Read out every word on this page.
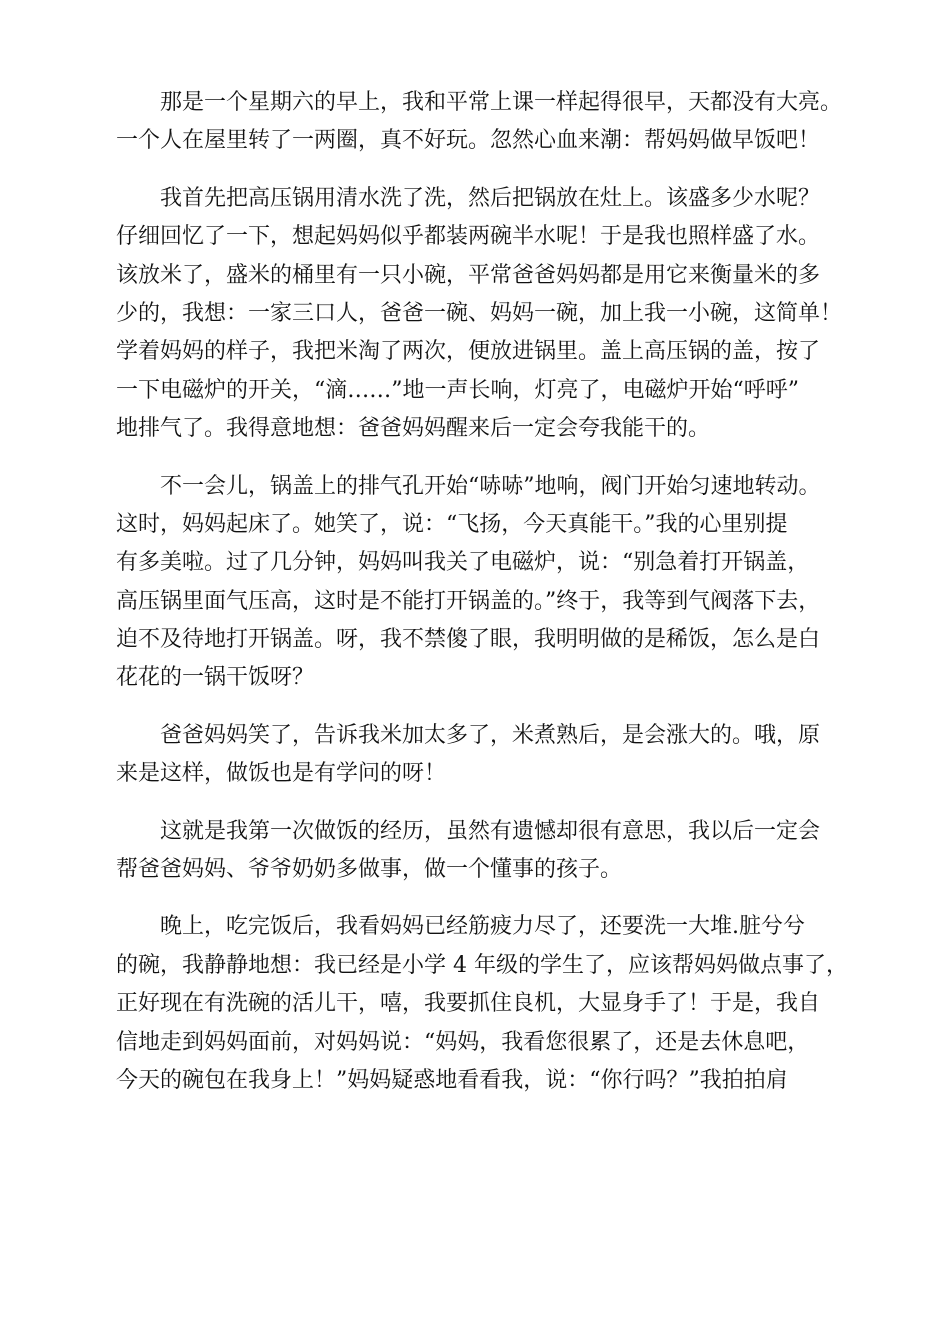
那是一个星期六的早上，我和平常上课一样起得很早，天都没有大亮。
一个人在屋里转了一两圈，真不好玩。忽然心血来潮：帮妈妈做早饭吧！

我首先把高压锅用清水洗了洗，然后把锅放在灶上。该盛多少水呢？
仔细回忆了一下，想起妈妈似乎都装两碗半水呢！于是我也照样盛了水。
该放米了，盛米的桶里有一只小碗，平常爸爸妈妈都是用它来衡量米的多
少的，我想：一家三口人，爸爸一碗、妈妈一碗，加上我一小碗，这简单！
学着妈妈的样子，我把米淘了两次，便放进锅里。盖上高压锅的盖，按了
一下电磁炉的开关，“滴……”地一声长响，灯亮了，电磁炉开始“呼呼”
地排气了。我得意地想：爸爸妈妈醒来后一定会夸我能干的。

不一会儿，锅盖上的排气孔开始“哧哧”地响，阀门开始匀速地转动。
这时，妈妈起床了。她笑了，说：“飞扬，今天真能干。”我的心里别提
有多美啦。过了几分钟，妈妈叫我关了电磁炉，说：“别急着打开锅盖，
高压锅里面气压高，这时是不能打开锅盖的。”终于，我等到气阀落下去，
迫不及待地打开锅盖。呀，我不禁傻了眼，我明明做的是稀饭，怎么是白
花花的一锅干饭呀？

爸爸妈妈笑了，告诉我米加太多了，米煮熟后，是会涨大的。哦，原
来是这样，做饭也是有学问的呀！

这就是我第一次做饭的经历，虽然有遗憾却很有意思，我以后一定会
帮爸爸妈妈、爷爷奶奶多做事，做一个懂事的孩子。

晚上，吃完饭后，我看妈妈已经筋疲力尽了，还要洗一大堆.脏兮兮
的碗，我静静地想：我已经是小学 4 年级的学生了，应该帮妈妈做点事了，
正好现在有洗碗的活儿干，嘻，我要抓住良机，大显身手了！于是，我自
信地走到妈妈面前，对妈妈说：“妈妈，我看您很累了，还是去休息吧，
今天的碗包在我身上！”妈妈疑惑地看看我，说：“你行吗？”我拍拍肩
